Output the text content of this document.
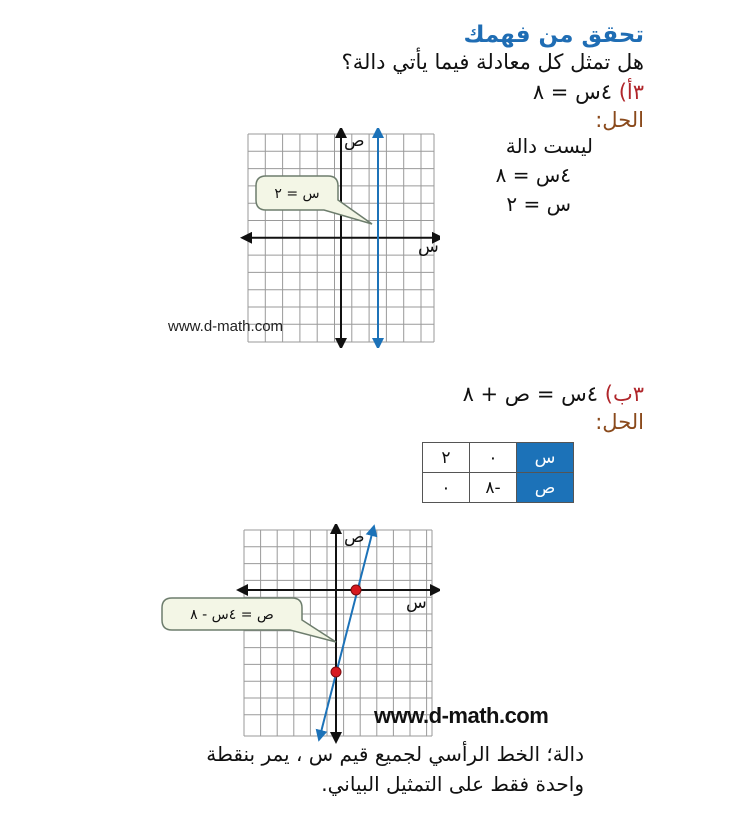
تحقق من فهمك
هل تمثل كل معادلة فيما يأتي دالة؟
٣أ) ٤س = ٨
الحل:
ليست دالة
٤س = ٨
س = ٢
ص
س
س = ٢
www.d-math.com
٣ب) ٤س = ص + ٨
الحل:
٢	٠	س
٠	-٨	ص
ص
س
ص = ٤س - ٨
www.d-math.com
دالة؛ الخط الرأسي لجميع قيم س ، يمر بنقطة
واحدة فقط على التمثيل البياني.
